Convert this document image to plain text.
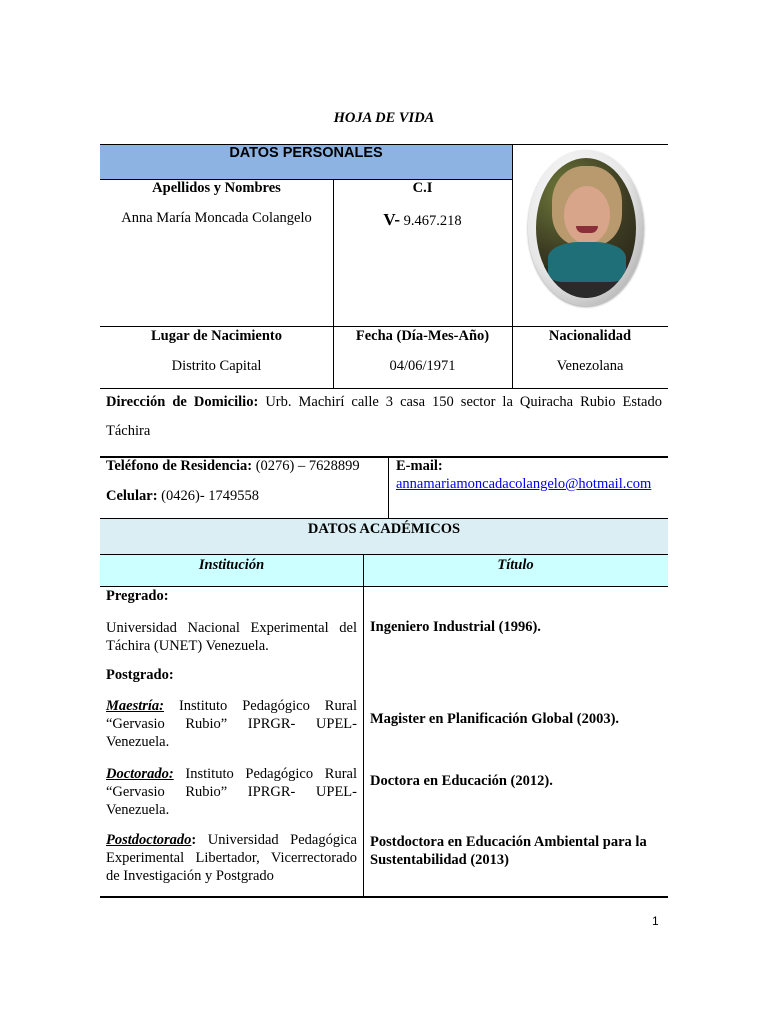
HOJA DE VIDA
DATOS PERSONALES
Apellidos y Nombres
Anna María Moncada Colangelo
C.I
V- 9.467.218
Lugar de Nacimiento
Distrito Capital
Fecha (Día-Mes-Año)
04/06/1971
Nacionalidad
Venezolana
Dirección de Domicilio: Urb. Machirí calle 3 casa 150 sector la Quiracha Rubio Estado Táchira
Teléfono de Residencia: (0276) – 7628899
Celular: (0426)- 1749558
E-mail:
annamariamoncadacolangelo@hotmail.com
DATOS ACADÉMICOS
Institución	Título
Pregrado:
Universidad Nacional Experimental del Táchira (UNET) Venezuela.
Ingeniero Industrial (1996).
Postgrado:
Maestría: Instituto Pedagógico Rural “Gervasio Rubio” IPRGR- UPEL- Venezuela.
Magister en Planificación Global (2003).
Doctorado: Instituto Pedagógico Rural “Gervasio Rubio” IPRGR- UPEL- Venezuela.
Doctora en Educación (2012).
Postdoctorado: Universidad Pedagógica Experimental Libertador, Vicerrectorado de Investigación y Postgrado
Postdoctora en Educación Ambiental para la Sustentabilidad (2013)
1
